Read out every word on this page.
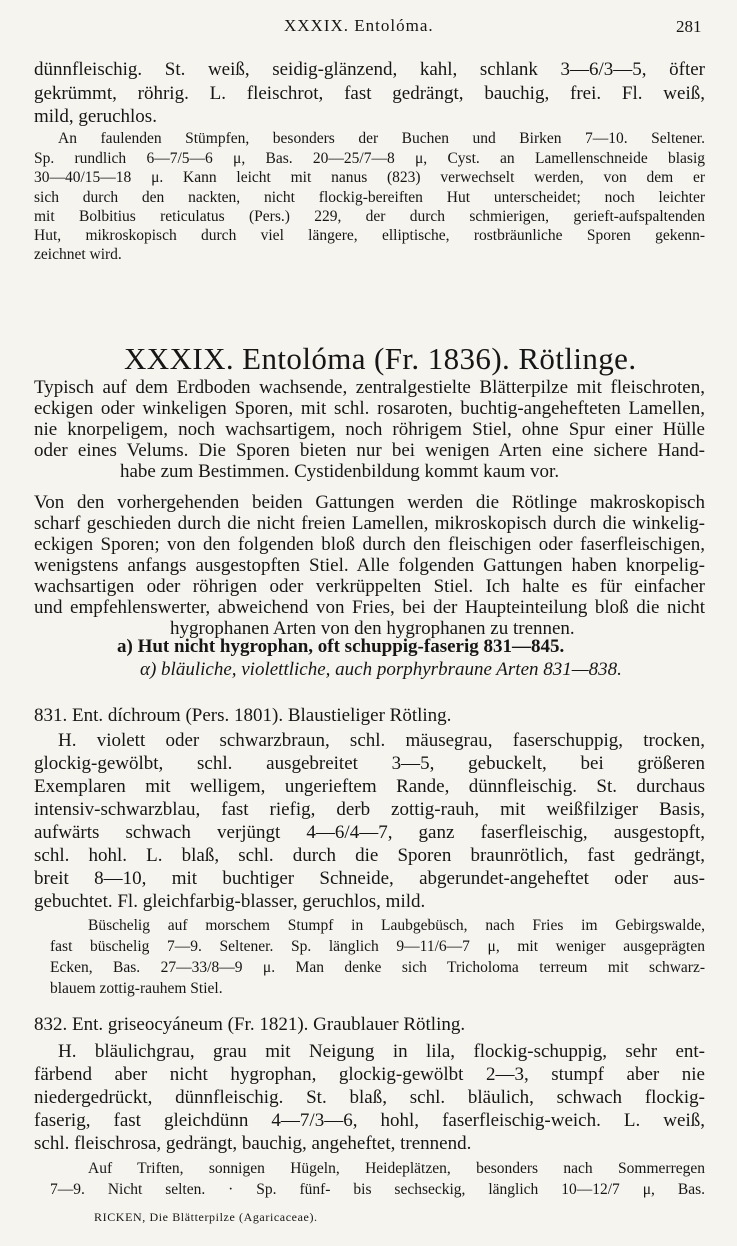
XXXIX. Entolóma.	281
dünnfleischig. St. weiß, seidig-glänzend, kahl, schlank 3—6/3—5, öfter
gekrümmt, röhrig. L. fleischrot, fast gedrängt, bauchig, frei. Fl. weiß,
mild, geruchlos.
An faulenden Stümpfen, besonders der Buchen und Birken 7—10. Seltener.
Sp. rundlich 6—7/5—6 μ, Bas. 20—25/7—8 μ, Cyst. an Lamellenschneide blasig
30—40/15—18 μ. Kann leicht mit nanus (823) verwechselt werden, von dem er
sich durch den nackten, nicht flockig-bereiften Hut unterscheidet; noch leichter
mit Bolbitius reticulatus (Pers.) 229, der durch schmierigen, gerieft-aufspaltenden
Hut, mikroskopisch durch viel längere, elliptische, rostbräunliche Sporen gekenn-
zeichnet wird.
XXXIX. Entolóma (Fr. 1836). Rötlinge.
Typisch auf dem Erdboden wachsende, zentralgestielte Blätterpilze mit fleischroten,
eckigen oder winkeligen Sporen, mit schl. rosaroten, buchtig-angehefteten Lamellen,
nie knorpeligem, noch wachsartigem, noch röhrigem Stiel, ohne Spur einer Hülle
oder eines Velums. Die Sporen bieten nur bei wenigen Arten eine sichere Hand-
habe zum Bestimmen. Cystidenbildung kommt kaum vor.
Von den vorhergehenden beiden Gattungen werden die Rötlinge makroskopisch
scharf geschieden durch die nicht freien Lamellen, mikroskopisch durch die winkelig-
eckigen Sporen; von den folgenden bloß durch den fleischigen oder faserfleischigen,
wenigstens anfangs ausgestopften Stiel. Alle folgenden Gattungen haben knorpelig-
wachsartigen oder röhrigen oder verkrüppelten Stiel. Ich halte es für einfacher
und empfehlenswerter, abweichend von Fries, bei der Haupteinteilung bloß die nicht
hygrophanen Arten von den hygrophanen zu trennen.
a) Hut nicht hygrophan, oft schuppig-faserig 831—845.
α) bläuliche, violettliche, auch porphyrbraune Arten 831—838.
831. Ent. díchroum (Pers. 1801). Blaustieliger Rötling.
H. violett oder schwarzbraun, schl. mäusegrau, faserschuppig, trocken,
glockig-gewölbt, schl. ausgebreitet 3—5, gebuckelt, bei größeren
Exemplaren mit welligem, ungerieftem Rande, dünnfleischig. St. durchaus
intensiv-schwarzblau, fast riefig, derb zottig-rauh, mit weißfilziger Basis,
aufwärts schwach verjüngt 4—6/4—7, ganz faserfleischig, ausgestopft,
schl. hohl. L. blaß, schl. durch die Sporen braunrötlich, fast gedrängt,
breit 8—10, mit buchtiger Schneide, abgerundet-angeheftet oder aus-
gebuchtet. Fl. gleichfarbig-blasser, geruchlos, mild.
Büschelig auf morschem Stumpf in Laubgebüsch, nach Fries im Gebirgswalde,
fast büschelig 7—9. Seltener. Sp. länglich 9—11/6—7 μ, mit weniger ausgeprägten
Ecken, Bas. 27—33/8—9 μ. Man denke sich Tricholoma terreum mit schwarz-
blauem zottig-rauhem Stiel.
832. Ent. griseocyáneum (Fr. 1821). Graublauer Rötling.
H. bläulichgrau, grau mit Neigung in lila, flockig-schuppig, sehr ent-
färbend aber nicht hygrophan, glockig-gewölbt 2—3, stumpf aber nie
niedergedrückt, dünnfleischig. St. blaß, schl. bläulich, schwach flockig-
faserig, fast gleichdünn 4—7/3—6, hohl, faserfleischig-weich. L. weiß,
schl. fleischrosa, gedrängt, bauchig, angeheftet, trennend.
Auf Triften, sonnigen Hügeln, Heideplätzen, besonders nach Sommerregen
7—9. Nicht selten. · Sp. fünf- bis sechseckig, länglich 10—12/7 μ, Bas.
RICKEN, Die Blätterpilze (Agaricaceae).
